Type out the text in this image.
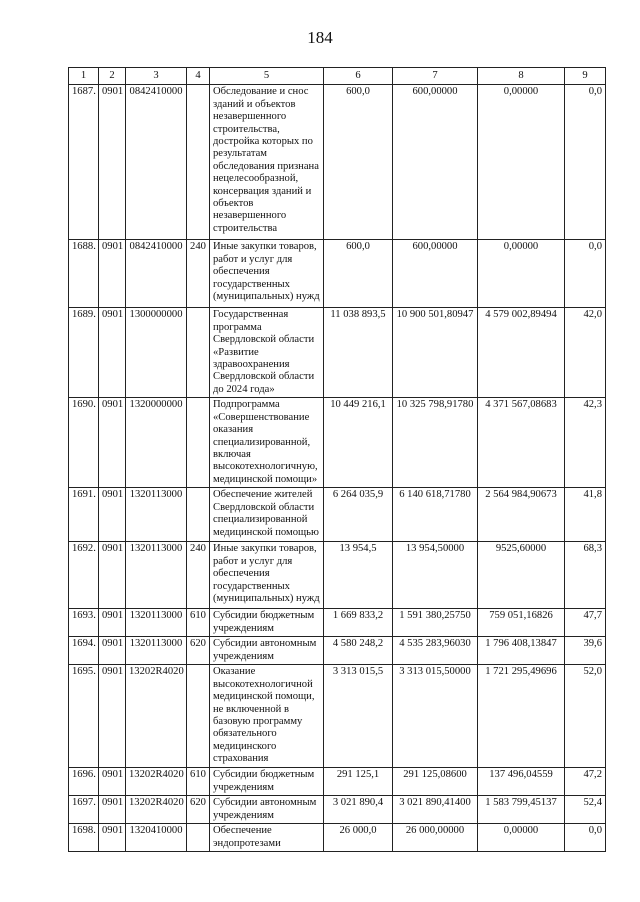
184
1	2	3	4	5	6	7	8	9
1687.	0901	0842410000		Обследование и снос зданий и объектов незавершенного строительства, достройка которых по результатам обследования признана нецелесообразной, консервация зданий и объектов незавершенного строительства	600,0	600,00000	0,00000	0,0
1688.	0901	0842410000	240	Иные закупки товаров, работ и услуг для обеспечения государственных (муниципальных) нужд	600,0	600,00000	0,00000	0,0
1689.	0901	1300000000		Государственная программа Свердловской области «Развитие здравоохранения Свердловской области до 2024 года»	11 038 893,5	10 900 501,80947	4 579 002,89494	42,0
1690.	0901	1320000000		Подпрограмма «Совершенствование оказания специализированной, включая высокотехнологичную, медицинской помощи»	10 449 216,1	10 325 798,91780	4 371 567,08683	42,3
1691.	0901	1320113000		Обеспечение жителей Свердловской области специализированной медицинской помощью	6 264 035,9	6 140 618,71780	2 564 984,90673	41,8
1692.	0901	1320113000	240	Иные закупки товаров, работ и услуг для обеспечения государственных (муниципальных) нужд	13 954,5	13 954,50000	9525,60000	68,3
1693.	0901	1320113000	610	Субсидии бюджетным учреждениям	1 669 833,2	1 591 380,25750	759 051,16826	47,7
1694.	0901	1320113000	620	Субсидии автономным учреждениям	4 580 248,2	4 535 283,96030	1 796 408,13847	39,6
1695.	0901	13202R4020		Оказание высокотехнологичной медицинской помощи, не включенной в базовую программу обязательного медицинского страхования	3 313 015,5	3 313 015,50000	1 721 295,49696	52,0
1696.	0901	13202R4020	610	Субсидии бюджетным учреждениям	291 125,1	291 125,08600	137 496,04559	47,2
1697.	0901	13202R4020	620	Субсидии автономным учреждениям	3 021 890,4	3 021 890,41400	1 583 799,45137	52,4
1698.	0901	1320410000		Обеспечение эндопротезами	26 000,0	26 000,00000	0,00000	0,0
